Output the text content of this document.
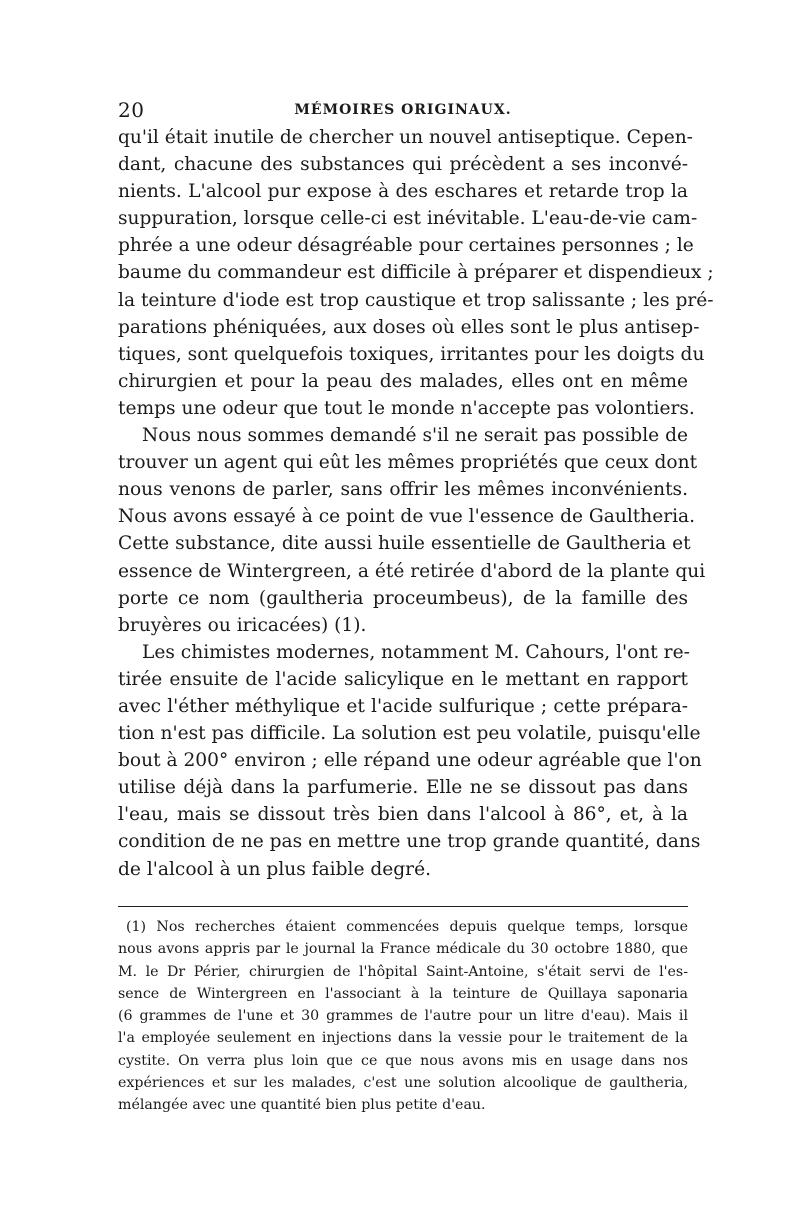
20	MÉMOIRES ORIGINAUX.
qu'il était inutile de chercher un nouvel antiseptique. Cepen-
dant, chacune des substances qui précèdent a ses inconvé-
nients. L'alcool pur expose à des eschares et retarde trop la
suppuration, lorsque celle-ci est inévitable. L'eau-de-vie cam-
phrée a une odeur désagréable pour certaines personnes ; le
baume du commandeur est difficile à préparer et dispendieux ;
la teinture d'iode est trop caustique et trop salissante ; les pré-
parations phéniquées, aux doses où elles sont le plus antisep-
tiques, sont quelquefois toxiques, irritantes pour les doigts du
chirurgien et pour la peau des malades, elles ont en même
temps une odeur que tout le monde n'accepte pas volontiers.
Nous nous sommes demandé s'il ne serait pas possible de
trouver un agent qui eût les mêmes propriétés que ceux dont
nous venons de parler, sans offrir les mêmes inconvénients.
Nous avons essayé à ce point de vue l'essence de Gaultheria.
Cette substance, dite aussi huile essentielle de Gaultheria et
essence de Wintergreen, a été retirée d'abord de la plante qui
porte ce nom (gaultheria proceumbeus), de la famille des
bruyères ou iricacées) (1).
Les chimistes modernes, notamment M. Cahours, l'ont re-
tirée ensuite de l'acide salicylique en le mettant en rapport
avec l'éther méthylique et l'acide sulfurique ; cette prépara-
tion n'est pas difficile. La solution est peu volatile, puisqu'elle
bout à 200° environ ; elle répand une odeur agréable que l'on
utilise déjà dans la parfumerie. Elle ne se dissout pas dans
l'eau, mais se dissout très bien dans l'alcool à 86°, et, à la
condition de ne pas en mettre une trop grande quantité, dans
de l'alcool à un plus faible degré.
(1) Nos recherches étaient commencées depuis quelque temps, lorsque
nous avons appris par le journal la France médicale du 30 octobre 1880, que
M. le Dr Périer, chirurgien de l'hôpital Saint-Antoine, s'était servi de l'es-
sence de Wintergreen en l'associant à la teinture de Quillaya saponaria
(6 grammes de l'une et 30 grammes de l'autre pour un litre d'eau). Mais il
l'a employée seulement en injections dans la vessie pour le traitement de la
cystite. On verra plus loin que ce que nous avons mis en usage dans nos
expériences et sur les malades, c'est une solution alcoolique de gaultheria,
mélangée avec une quantité bien plus petite d'eau.
